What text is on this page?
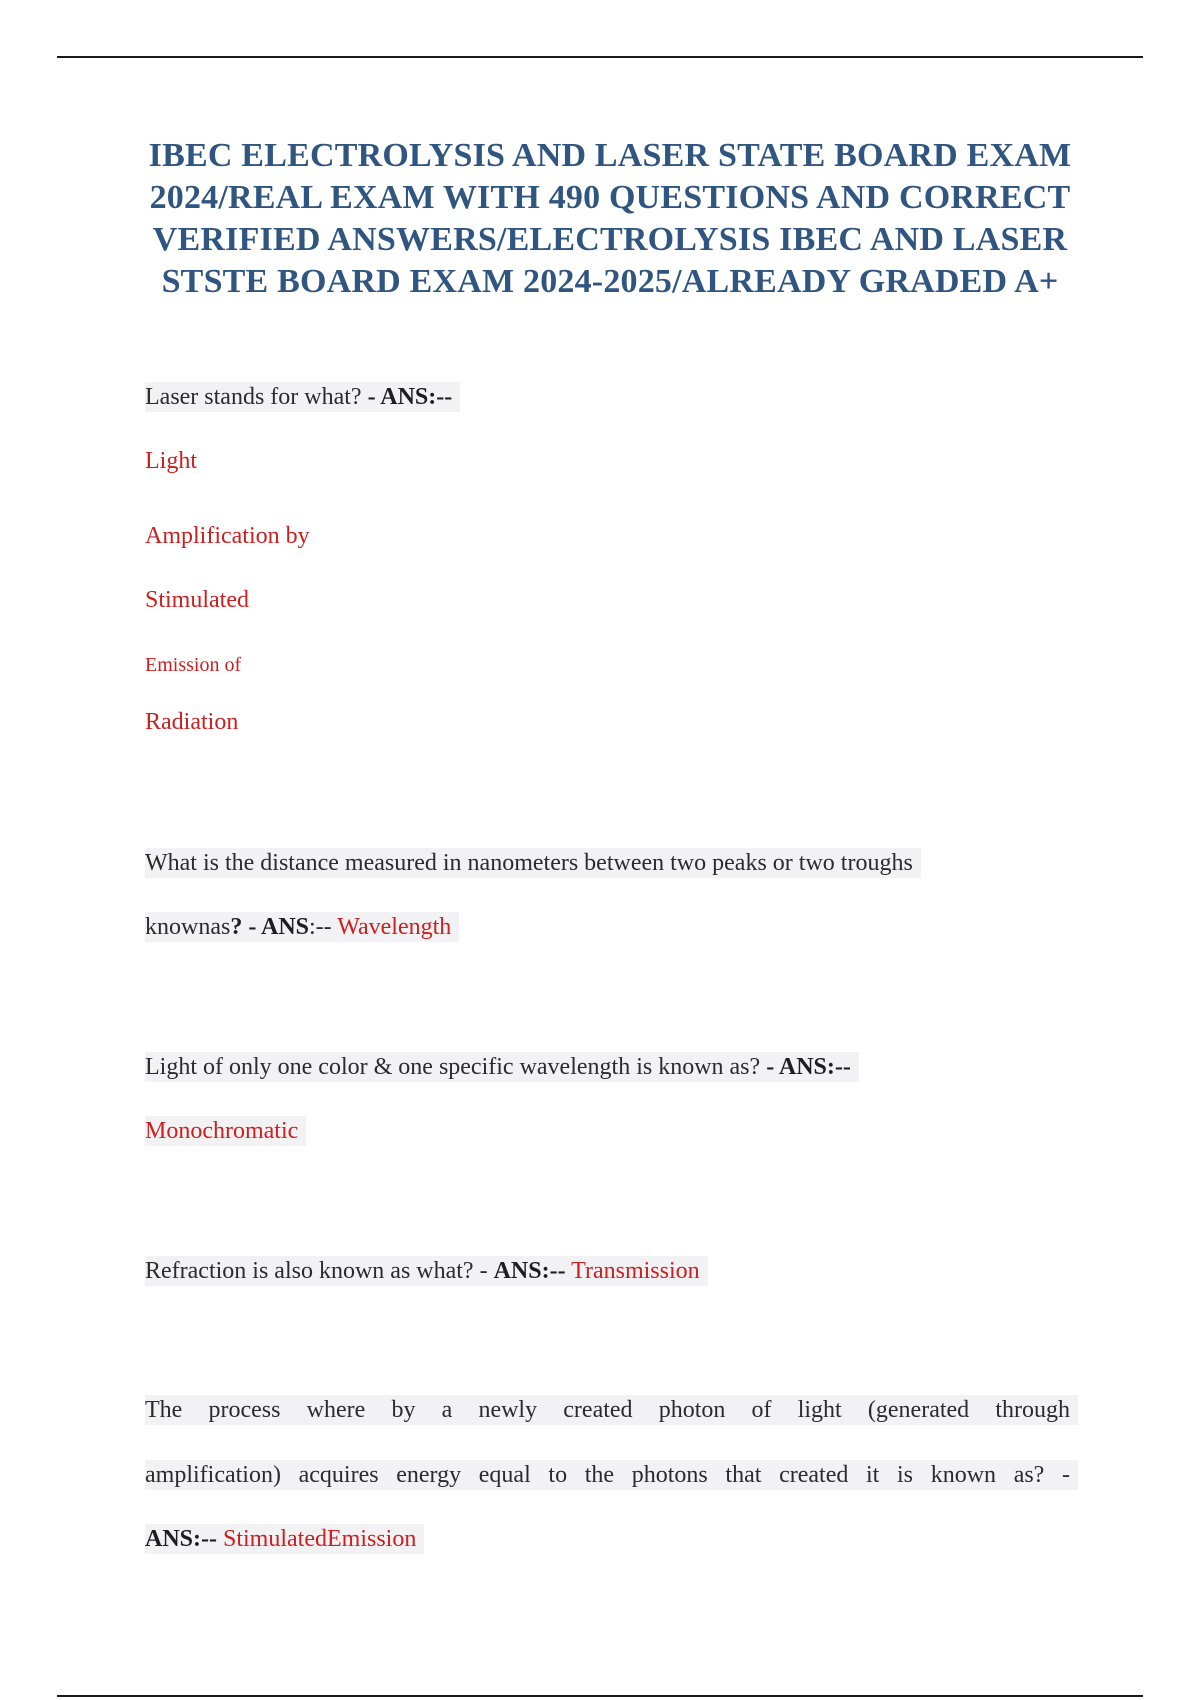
IBEC ELECTROLYSIS AND LASER STATE BOARD EXAM 2024/REAL EXAM WITH 490 QUESTIONS AND CORRECT VERIFIED ANSWERS/ELECTROLYSIS IBEC AND LASER STSTE BOARD EXAM 2024-2025/ALREADY GRADED A+

Laser stands for what? - ANS:--

Light

Amplification by

Stimulated

Emission of

Radiation

What is the distance measured in nanometers between two peaks or two troughs

knownas? - ANS:-- Wavelength

Light of only one color & one specific wavelength is known as? - ANS:--

Monochromatic

Refraction is also known as what? - ANS:-- Transmission

The process where by a newly created photon of light (generated through

amplification) acquires energy equal to the photons that created it is known as? -

ANS:-- StimulatedEmission
